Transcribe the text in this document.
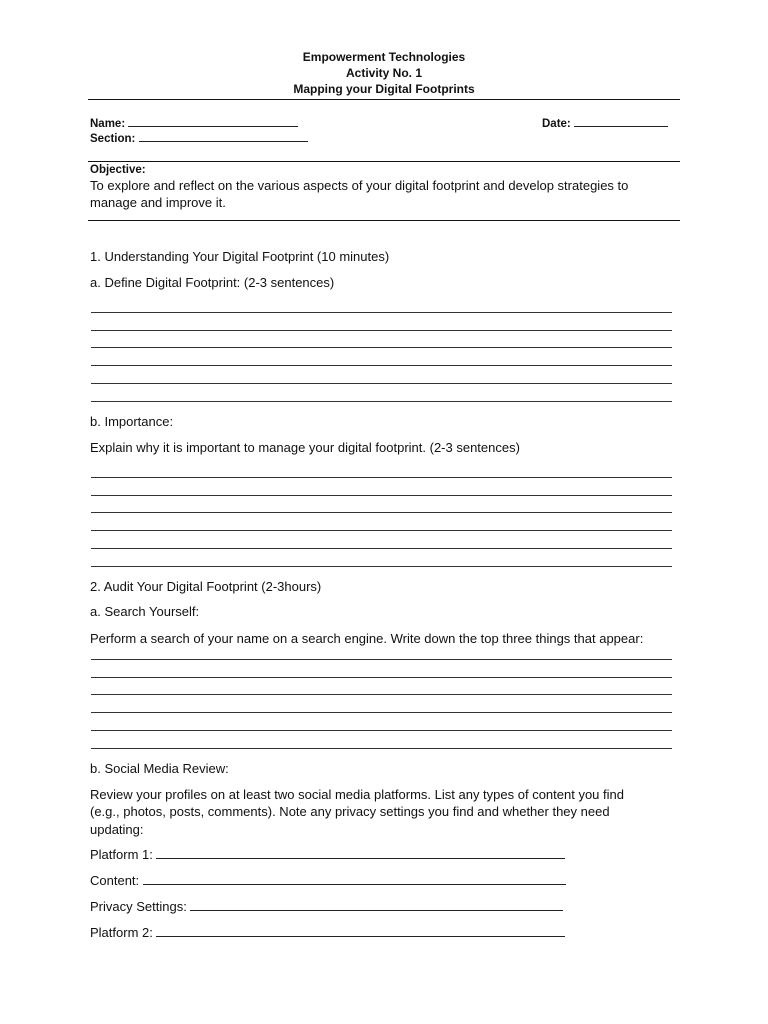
Empowerment Technologies
Activity No. 1
Mapping your Digital Footprints
Name:
Section:
Date:
Objective:
To explore and reflect on the various aspects of your digital footprint and develop strategies to
manage and improve it.
1. Understanding Your Digital Footprint (10 minutes)
a. Define Digital Footprint: (2-3 sentences)
b. Importance:
Explain why it is important to manage your digital footprint. (2-3 sentences)
2. Audit Your Digital Footprint (2-3hours)
a. Search Yourself:
Perform a search of your name on a search engine. Write down the top three things that appear:
b. Social Media Review:
Review your profiles on at least two social media platforms. List any types of content you find
(e.g., photos, posts, comments). Note any privacy settings you find and whether they need
updating:
Platform 1:
Content:
Privacy Settings:
Platform 2:
